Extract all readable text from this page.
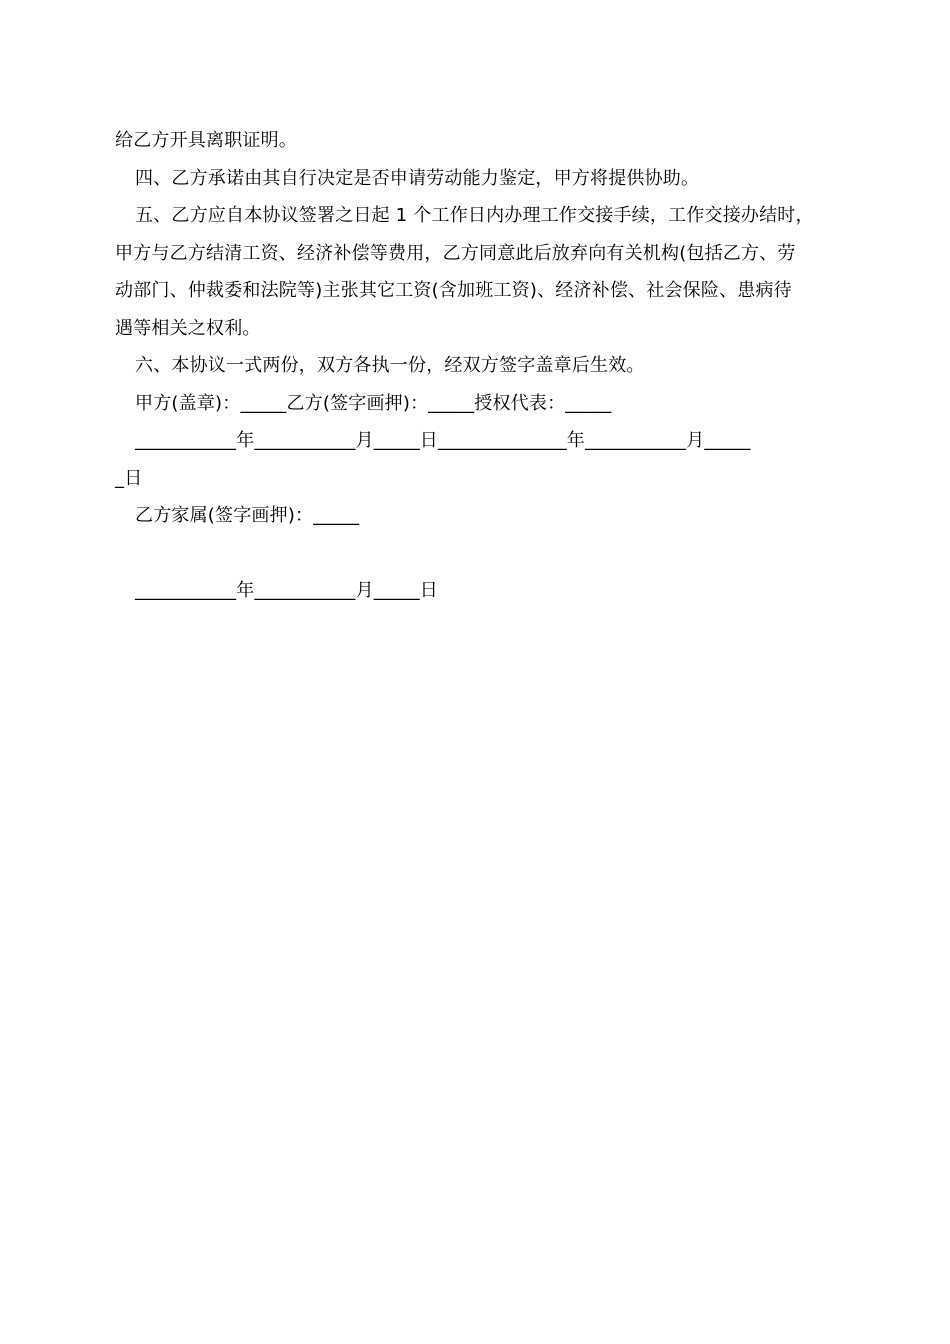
给乙方开具离职证明。
四、乙方承诺由其自行决定是否申请劳动能力鉴定，甲方将提供协助。
五、乙方应自本协议签署之日起 1 个工作日内办理工作交接手续，工作交接办结时，
甲方与乙方结清工资、经济补偿等费用，乙方同意此后放弃向有关机构(包括乙方、劳
动部门、仲裁委和法院等)主张其它工资(含加班工资)、经济补偿、社会保险、患病待
遇等相关之权利。
六、本协议一式两份，双方各执一份，经双方签字盖章后生效。
甲方(盖章)：_____乙方(签字画押)：_____授权代表：_____
___________年___________月_____日______________年___________月_____
_日
乙方家属(签字画押)：_____
___________年___________月_____日
